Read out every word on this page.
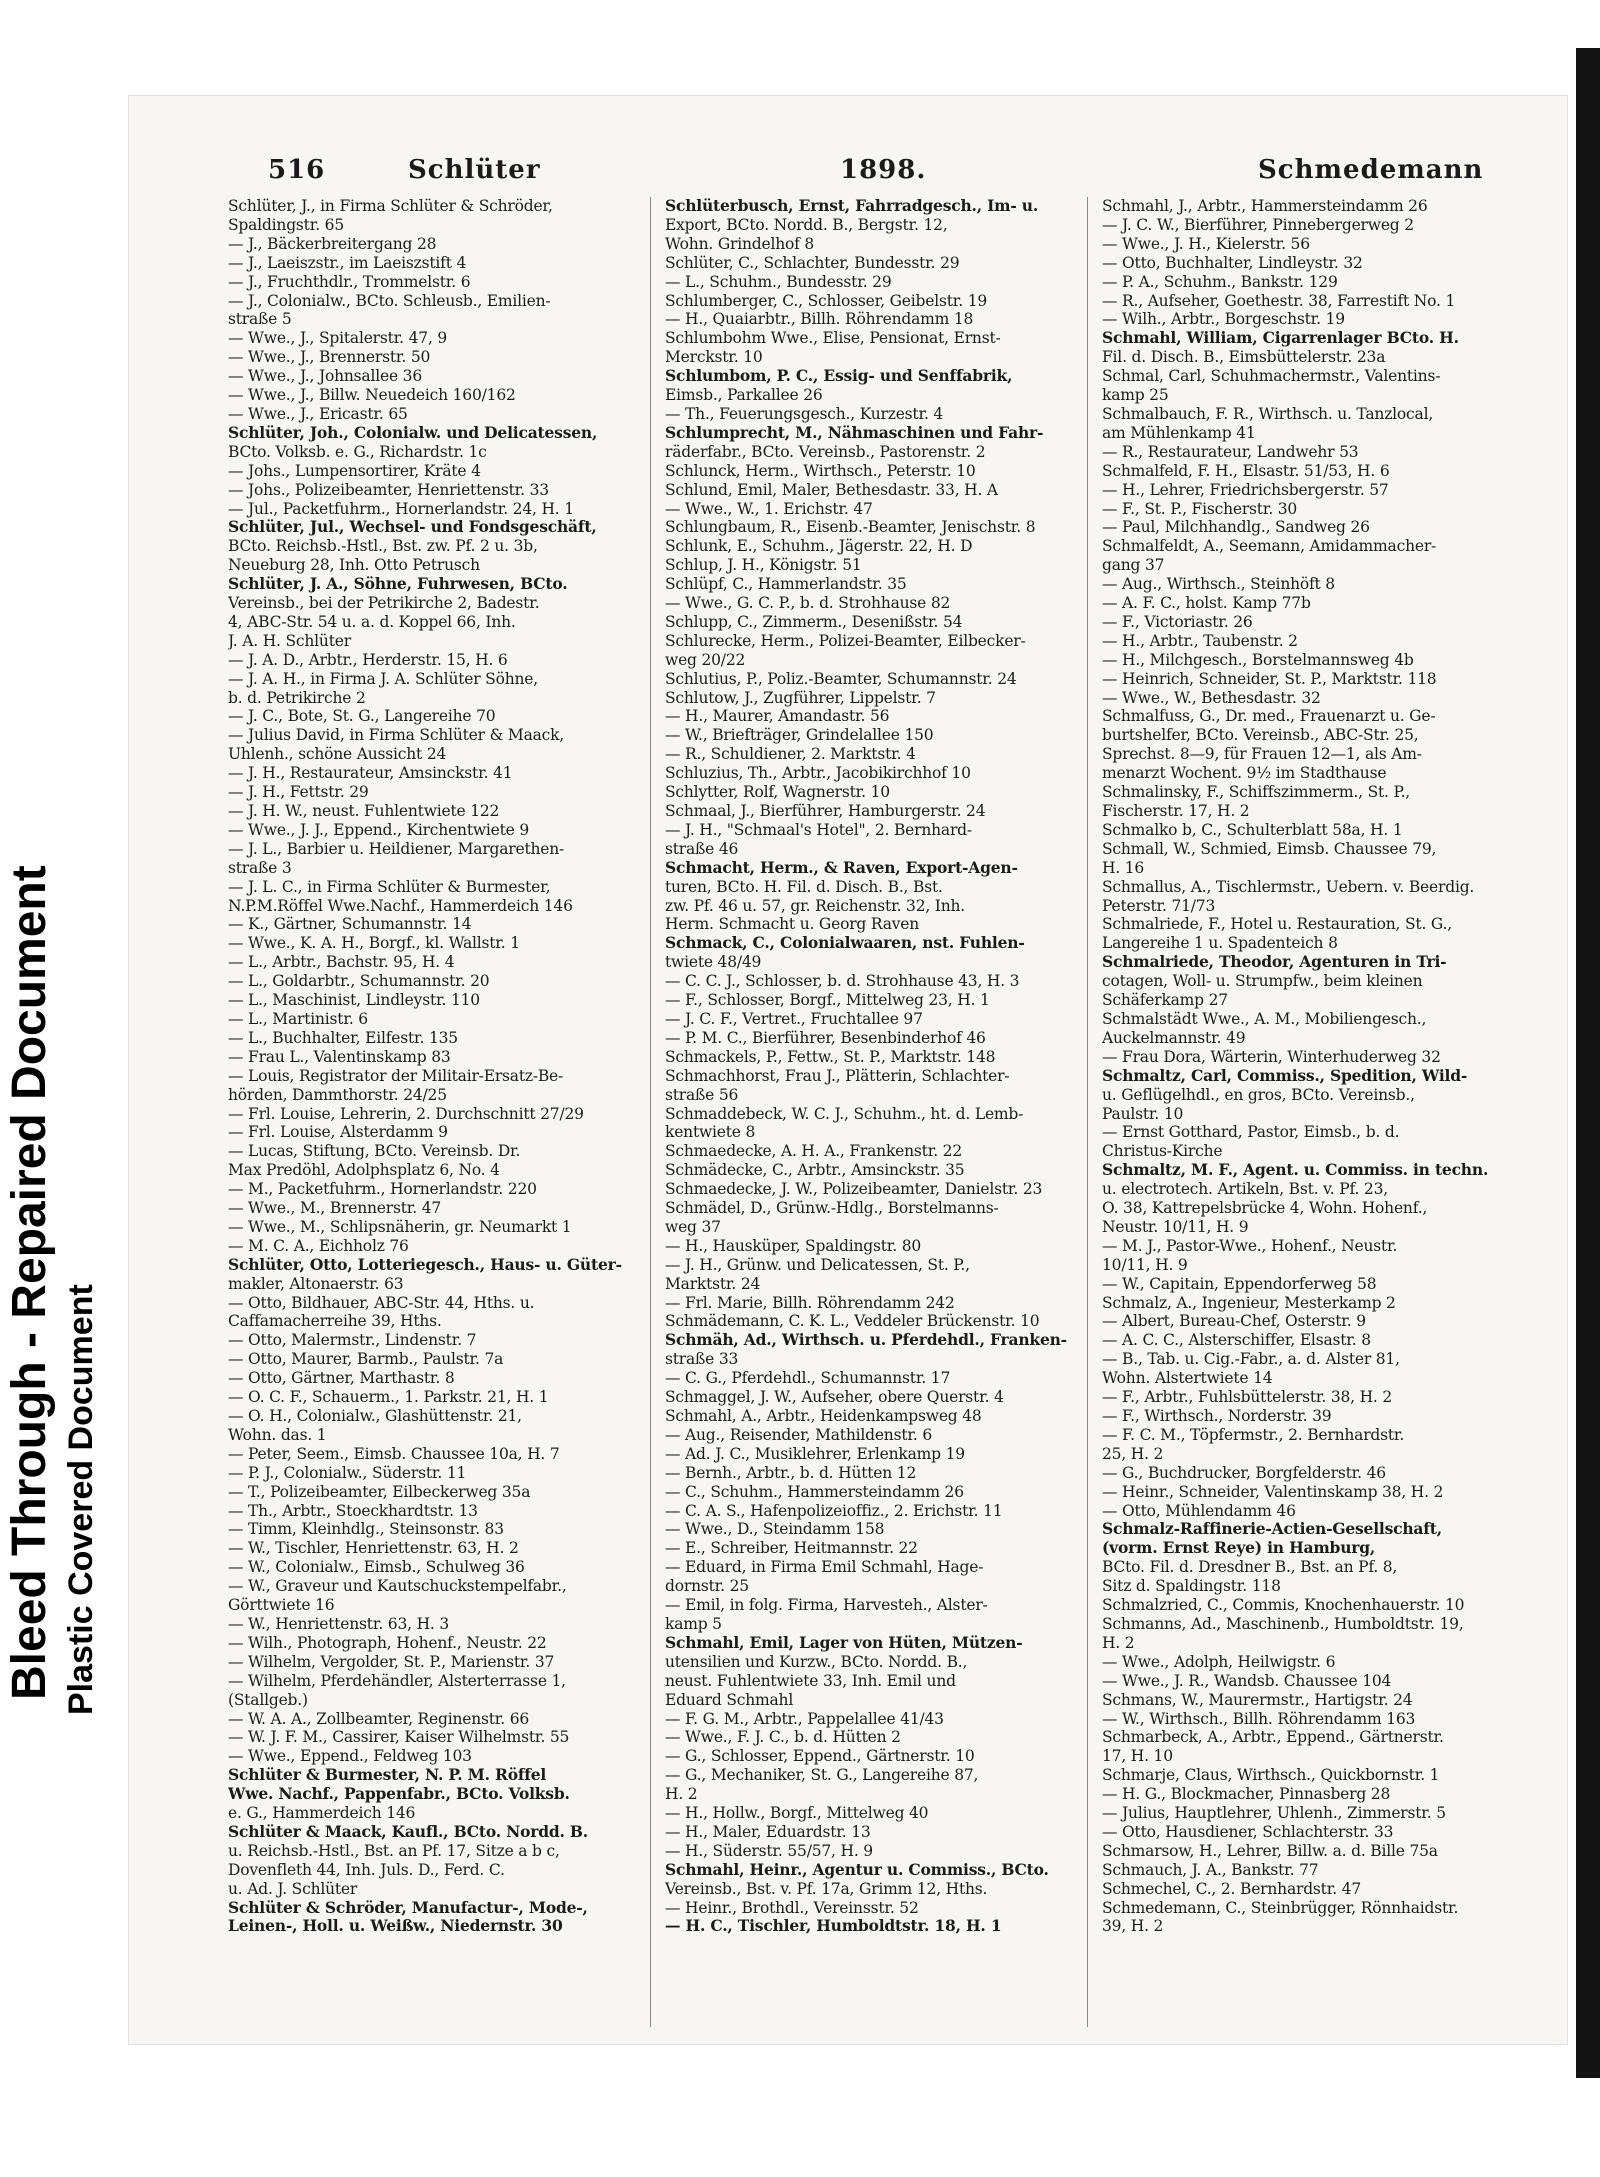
Bleed Through - Repaired Document Plastic Covered Document
516	Schlüter	1898.	Schmedemann
Schlüter, J., in Firma Schlüter & Schröder,
Spaldingstr. 65
— J., Bäckerbreitergang 28
— J., Laeiszstr., im Laeiszstift 4
— J., Fruchthdlr., Trommelstr. 6
— J., Colonialw., BCto. Schleusb., Emilien-
straße 5
— Wwe., J., Spitalerstr. 47, 9
— Wwe., J., Brennerstr. 50
— Wwe., J., Johnsallee 36
— Wwe., J., Billw. Neuedeich 160/162
— Wwe., J., Ericastr. 65
Schlüter, Joh., Colonialw. und Delicatessen,
BCto. Volksb. e. G., Richardstr. 1c
— Johs., Lumpensortirer, Kräte 4
— Johs., Polizeibeamter, Henriettenstr. 33
— Jul., Packetfuhrm., Hornerlandstr. 24, H. 1
Schlüter, Jul., Wechsel- und Fondsgeschäft,
BCto. Reichsb.-Hstl., Bst. zw. Pf. 2 u. 3b,
Neueburg 28, Inh. Otto Petrusch
Schlüter, J. A., Söhne, Fuhrwesen, BCto.
Vereinsb., bei der Petrikirche 2, Badestr.
4, ABC-Str. 54 u. a. d. Koppel 66, Inh.
J. A. H. Schlüter
— J. A. D., Arbtr., Herderstr. 15, H. 6
— J. A. H., in Firma J. A. Schlüter Söhne,
b. d. Petrikirche 2
— J. C., Bote, St. G., Langereihe 70
— Julius David, in Firma Schlüter & Maack,
Uhlenh., schöne Aussicht 24
— J. H., Restaurateur, Amsinckstr. 41
— J. H., Fettstr. 29
— J. H. W., neust. Fuhlentwiete 122
— Wwe., J. J., Eppend., Kirchentwiete 9
— J. L., Barbier u. Heildiener, Margarethen-
straße 3
— J. L. C., in Firma Schlüter & Burmester,
N.P.M.Röffel Wwe.Nachf., Hammerdeich 146
— K., Gärtner, Schumannstr. 14
— Wwe., K. A. H., Borgf., kl. Wallstr. 1
— L., Arbtr., Bachstr. 95, H. 4
— L., Goldarbtr., Schumannstr. 20
— L., Maschinist, Lindleystr. 110
— L., Martinistr. 6
— L., Buchhalter, Eilfestr. 135
— Frau L., Valentinskamp 83
— Louis, Registrator der Militair-Ersatz-Be-
hörden, Dammthorstr. 24/25
— Frl. Louise, Lehrerin, 2. Durchschnitt 27/29
— Frl. Louise, Alsterdamm 9
— Lucas, Stiftung, BCto. Vereinsb. Dr.
Max Predöhl, Adolphsplatz 6, No. 4
— M., Packetfuhrm., Hornerlandstr. 220
— Wwe., M., Brennerstr. 47
— Wwe., M., Schlipsnäherin, gr. Neumarkt 1
— M. C. A., Eichholz 76
Schlüter, Otto, Lotteriegesch., Haus- u. Güter-
makler, Altonaerstr. 63
— Otto, Bildhauer, ABC-Str. 44, Hths. u.
Caffamacherreihe 39, Hths.
— Otto, Malermstr., Lindenstr. 7
— Otto, Maurer, Barmb., Paulstr. 7a
— Otto, Gärtner, Marthastr. 8
— O. C. F., Schauerm., 1. Parkstr. 21, H. 1
— O. H., Colonialw., Glashüttenstr. 21,
Wohn. das. 1
— Peter, Seem., Eimsb. Chaussee 10a, H. 7
— P. J., Colonialw., Süderstr. 11
— T., Polizeibeamter, Eilbeckerweg 35a
— Th., Arbtr., Stoeckhardtstr. 13
— Timm, Kleinhdlg., Steinsonstr. 83
— W., Tischler, Henriettenstr. 63, H. 2
— W., Colonialw., Eimsb., Schulweg 36
— W., Graveur und Kautschuckstempelfabr.,
Görttwiete 16
— W., Henriettenstr. 63, H. 3
— Wilh., Photograph, Hohenf., Neustr. 22
— Wilhelm, Vergolder, St. P., Marienstr. 37
— Wilhelm, Pferdehändler, Alsterterrasse 1,
(Stallgeb.)
— W. A. A., Zollbeamter, Reginenstr. 66
— W. J. F. M., Cassirer, Kaiser Wilhelmstr. 55
— Wwe., Eppend., Feldweg 103
Schlüter & Burmester, N. P. M. Röffel
Wwe. Nachf., Pappenfabr., BCto. Volksb.
e. G., Hammerdeich 146
Schlüter & Maack, Kaufl., BCto. Nordd. B.
u. Reichsb.-Hstl., Bst. an Pf. 17, Sitze a b c,
Dovenfleth 44, Inh. Juls. D., Ferd. C.
u. Ad. J. Schlüter
Schlüter & Schröder, Manufactur-, Mode-,
Leinen-, Holl. u. Weißw., Niedernstr. 30
Schlüterbusch, Ernst, Fahrradgesch., Im- u.
Export, BCto. Nordd. B., Bergstr. 12,
Wohn. Grindelhof 8
Schlüter, C., Schlachter, Bundesstr. 29
— L., Schuhm., Bundesstr. 29
Schlumberger, C., Schlosser, Geibelstr. 19
— H., Quaiarbtr., Billh. Röhrendamm 18
Schlumbohm Wwe., Elise, Pensionat, Ernst-
Merckstr. 10
Schlumbom, P. C., Essig- und Senffabrik,
Eimsb., Parkallee 26
— Th., Feuerungsgesch., Kurzestr. 4
Schlumprecht, M., Nähmaschinen und Fahr-
räderfabr., BCto. Vereinsb., Pastorenstr. 2
Schlunck, Herm., Wirthsch., Peterstr. 10
Schlund, Emil, Maler, Bethesdastr. 33, H. A
— Wwe., W., 1. Erichstr. 47
Schlungbaum, R., Eisenb.-Beamter, Jenischstr. 8
Schlunk, E., Schuhm., Jägerstr. 22, H. D
Schlup, J. H., Königstr. 51
Schlüpf, C., Hammerlandstr. 35
— Wwe., G. C. P., b. d. Strohhause 82
Schlupp, C., Zimmerm., Desenißstr. 54
Schlurecke, Herm., Polizei-Beamter, Eilbecker-
weg 20/22
Schlutius, P., Poliz.-Beamter, Schumannstr. 24
Schlutow, J., Zugführer, Lippelstr. 7
— H., Maurer, Amandastr. 56
— W., Briefträger, Grindelallee 150
— R., Schuldiener, 2. Marktstr. 4
Schluzius, Th., Arbtr., Jacobikirchhof 10
Schlytter, Rolf, Wagnerstr. 10
Schmaal, J., Bierführer, Hamburgerstr. 24
— J. H., "Schmaal's Hotel", 2. Bernhard-
straße 46
Schmacht, Herm., & Raven, Export-Agen-
turen, BCto. H. Fil. d. Disch. B., Bst.
zw. Pf. 46 u. 57, gr. Reichenstr. 32, Inh.
Herm. Schmacht u. Georg Raven
Schmack, C., Colonialwaaren, nst. Fuhlen-
twiete 48/49
— C. C. J., Schlosser, b. d. Strohhause 43, H. 3
— F., Schlosser, Borgf., Mittelweg 23, H. 1
— J. C. F., Vertret., Fruchtallee 97
— P. M. C., Bierführer, Besenbinderhof 46
Schmackels, P., Fettw., St. P., Marktstr. 148
Schmachhorst, Frau J., Plätterin, Schlachter-
straße 56
Schmaddebeck, W. C. J., Schuhm., ht. d. Lemb-
kentwiete 8
Schmaedecke, A. H. A., Frankenstr. 22
Schmädecke, C., Arbtr., Amsinckstr. 35
Schmaedecke, J. W., Polizeibeamter, Danielstr. 23
Schmädel, D., Grünw.-Hdlg., Borstelmanns-
weg 37
— H., Hausküper, Spaldingstr. 80
— J. H., Grünw. und Delicatessen, St. P.,
Marktstr. 24
— Frl. Marie, Billh. Röhrendamm 242
Schmädemann, C. K. L., Veddeler Brückenstr. 10
Schmäh, Ad., Wirthsch. u. Pferdehdl., Franken-
straße 33
— C. G., Pferdehdl., Schumannstr. 17
Schmaggel, J. W., Aufseher, obere Querstr. 4
Schmahl, A., Arbtr., Heidenkampsweg 48
— Aug., Reisender, Mathildenstr. 6
— Ad. J. C., Musiklehrer, Erlenkamp 19
— Bernh., Arbtr., b. d. Hütten 12
— C., Schuhm., Hammersteindamm 26
— C. A. S., Hafenpolizeioffiz., 2. Erichstr. 11
— Wwe., D., Steindamm 158
— E., Schreiber, Heitmannstr. 22
— Eduard, in Firma Emil Schmahl, Hage-
dornstr. 25
— Emil, in folg. Firma, Harvesteh., Alster-
kamp 5
Schmahl, Emil, Lager von Hüten, Mützen-
utensilien und Kurzw., BCto. Nordd. B.,
neust. Fuhlentwiete 33, Inh. Emil und
Eduard Schmahl
— F. G. M., Arbtr., Pappelallee 41/43
— Wwe., F. J. C., b. d. Hütten 2
— G., Schlosser, Eppend., Gärtnerstr. 10
— G., Mechaniker, St. G., Langereihe 87,
H. 2
— H., Hollw., Borgf., Mittelweg 40
— H., Maler, Eduardstr. 13
— H., Süderstr. 55/57, H. 9
Schmahl, Heinr., Agentur u. Commiss., BCto.
Vereinsb., Bst. v. Pf. 17a, Grimm 12, Hths.
— Heinr., Brothdl., Vereinsstr. 52
— H. C., Tischler, Humboldtstr. 18, H. 1
Schmahl, J., Arbtr., Hammersteindamm 26
— J. C. W., Bierführer, Pinnebergerweg 2
— Wwe., J. H., Kielerstr. 56
— Otto, Buchhalter, Lindleystr. 32
— P. A., Schuhm., Bankstr. 129
— R., Aufseher, Goethestr. 38, Farrestift No. 1
— Wilh., Arbtr., Borgeschstr. 19
Schmahl, William, Cigarrenlager BCto. H.
Fil. d. Disch. B., Eimsbüttelerstr. 23a
Schmal, Carl, Schuhmachermstr., Valentins-
kamp 25
Schmalbauch, F. R., Wirthsch. u. Tanzlocal,
am Mühlenkamp 41
— R., Restaurateur, Landwehr 53
Schmalfeld, F. H., Elsastr. 51/53, H. 6
— H., Lehrer, Friedrichsbergerstr. 57
— F., St. P., Fischerstr. 30
— Paul, Milchhandlg., Sandweg 26
Schmalfeldt, A., Seemann, Amidammacher-
gang 37
— Aug., Wirthsch., Steinhöft 8
— A. F. C., holst. Kamp 77b
— F., Victoriastr. 26
— H., Arbtr., Taubenstr. 2
— H., Milchgesch., Borstelmannsweg 4b
— Heinrich, Schneider, St. P., Marktstr. 118
— Wwe., W., Bethesdastr. 32
Schmalfuss, G., Dr. med., Frauenarzt u. Ge-
burtshelfer, BCto. Vereinsb., ABC-Str. 25,
Sprechst. 8—9, für Frauen 12—1, als Am-
menarzt Wochent. 9½ im Stadthause
Schmalinsky, F., Schiffszimmerm., St. P.,
Fischerstr. 17, H. 2
Schmalko b, C., Schulterblatt 58a, H. 1
Schmall, W., Schmied, Eimsb. Chaussee 79,
H. 16
Schmallus, A., Tischlermstr., Uebern. v. Beerdig.
Peterstr. 71/73
Schmalriede, F., Hotel u. Restauration, St. G.,
Langereihe 1 u. Spadenteich 8
Schmalriede, Theodor, Agenturen in Tri-
cotagen, Woll- u. Strumpfw., beim kleinen
Schäferkamp 27
Schmalstädt Wwe., A. M., Mobiliengesch.,
Auckelmannstr. 49
— Frau Dora, Wärterin, Winterhuderweg 32
Schmaltz, Carl, Commiss., Spedition, Wild-
u. Geflügelhdl., en gros, BCto. Vereinsb.,
Paulstr. 10
— Ernst Gotthard, Pastor, Eimsb., b. d.
Christus-Kirche
Schmaltz, M. F., Agent. u. Commiss. in techn.
u. electrotech. Artikeln, Bst. v. Pf. 23,
O. 38, Kattrepelsbrücke 4, Wohn. Hohenf.,
Neustr. 10/11, H. 9
— M. J., Pastor-Wwe., Hohenf., Neustr.
10/11, H. 9
— W., Capitain, Eppendorferweg 58
Schmalz, A., Ingenieur, Mesterkamp 2
— Albert, Bureau-Chef, Osterstr. 9
— A. C. C., Alsterschiffer, Elsastr. 8
— B., Tab. u. Cig.-Fabr., a. d. Alster 81,
Wohn. Alstertwiete 14
— F., Arbtr., Fuhlsbüttelerstr. 38, H. 2
— F., Wirthsch., Norderstr. 39
— F. C. M., Töpfermstr., 2. Bernhardstr.
25, H. 2
— G., Buchdrucker, Borgfelderstr. 46
— Heinr., Schneider, Valentinskamp 38, H. 2
— Otto, Mühlendamm 46
Schmalz-Raffinerie-Actien-Gesellschaft,
(vorm. Ernst Reye) in Hamburg,
BCto. Fil. d. Dresdner B., Bst. an Pf. 8,
Sitz d. Spaldingstr. 118
Schmalzried, C., Commis, Knochenhauerstr. 10
Schmanns, Ad., Maschinenb., Humboldtstr. 19,
H. 2
— Wwe., Adolph, Heilwigstr. 6
— Wwe., J. R., Wandsb. Chaussee 104
Schmans, W., Maurermstr., Hartigstr. 24
— W., Wirthsch., Billh. Röhrendamm 163
Schmarbeck, A., Arbtr., Eppend., Gärtnerstr.
17, H. 10
Schmarje, Claus, Wirthsch., Quickbornstr. 1
— H. G., Blockmacher, Pinnasberg 28
— Julius, Hauptlehrer, Uhlenh., Zimmerstr. 5
— Otto, Hausdiener, Schlachterstr. 33
Schmarsow, H., Lehrer, Billw. a. d. Bille 75a
Schmauch, J. A., Bankstr. 77
Schmechel, C., 2. Bernhardstr. 47
Schmedemann, C., Steinbrügger, Rönnhaidstr.
39, H. 2
